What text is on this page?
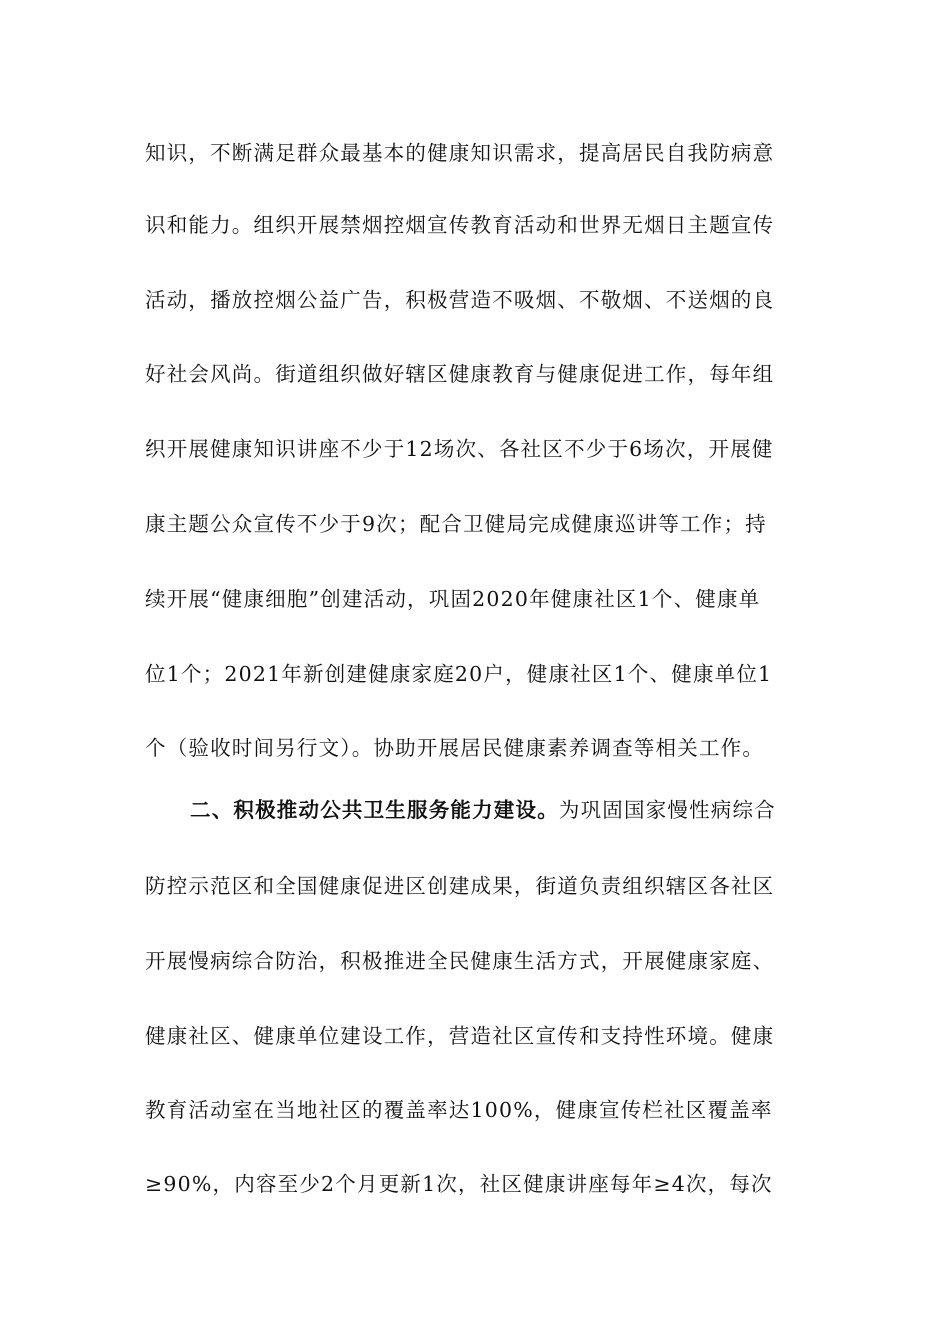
知识，不断满足群众最基本的健康知识需求，提高居民自我防病意
识和能力。组织开展禁烟控烟宣传教育活动和世界无烟日主题宣传
活动，播放控烟公益广告，积极营造不吸烟、不敬烟、不送烟的良
好社会风尚。街道组织做好辖区健康教育与健康促进工作，每年组
织开展健康知识讲座不少于12场次、各社区不少于6场次，开展健
康主题公众宣传不少于9次；配合卫健局完成健康巡讲等工作；持
续开展“健康细胞”创建活动，巩固2020年健康社区1个、健康单
位1个；2021年新创建健康家庭20户，健康社区1个、健康单位1
个（验收时间另行文）。协助开展居民健康素养调查等相关工作。
二、积极推动公共卫生服务能力建设。为巩固国家慢性病综合
防控示范区和全国健康促进区创建成果，街道负责组织辖区各社区
开展慢病综合防治，积极推进全民健康生活方式，开展健康家庭、
健康社区、健康单位建设工作，营造社区宣传和支持性环境。健康
教育活动室在当地社区的覆盖率达100%，健康宣传栏社区覆盖率
≥90%，内容至少2个月更新1次，社区健康讲座每年≥4次，每次
